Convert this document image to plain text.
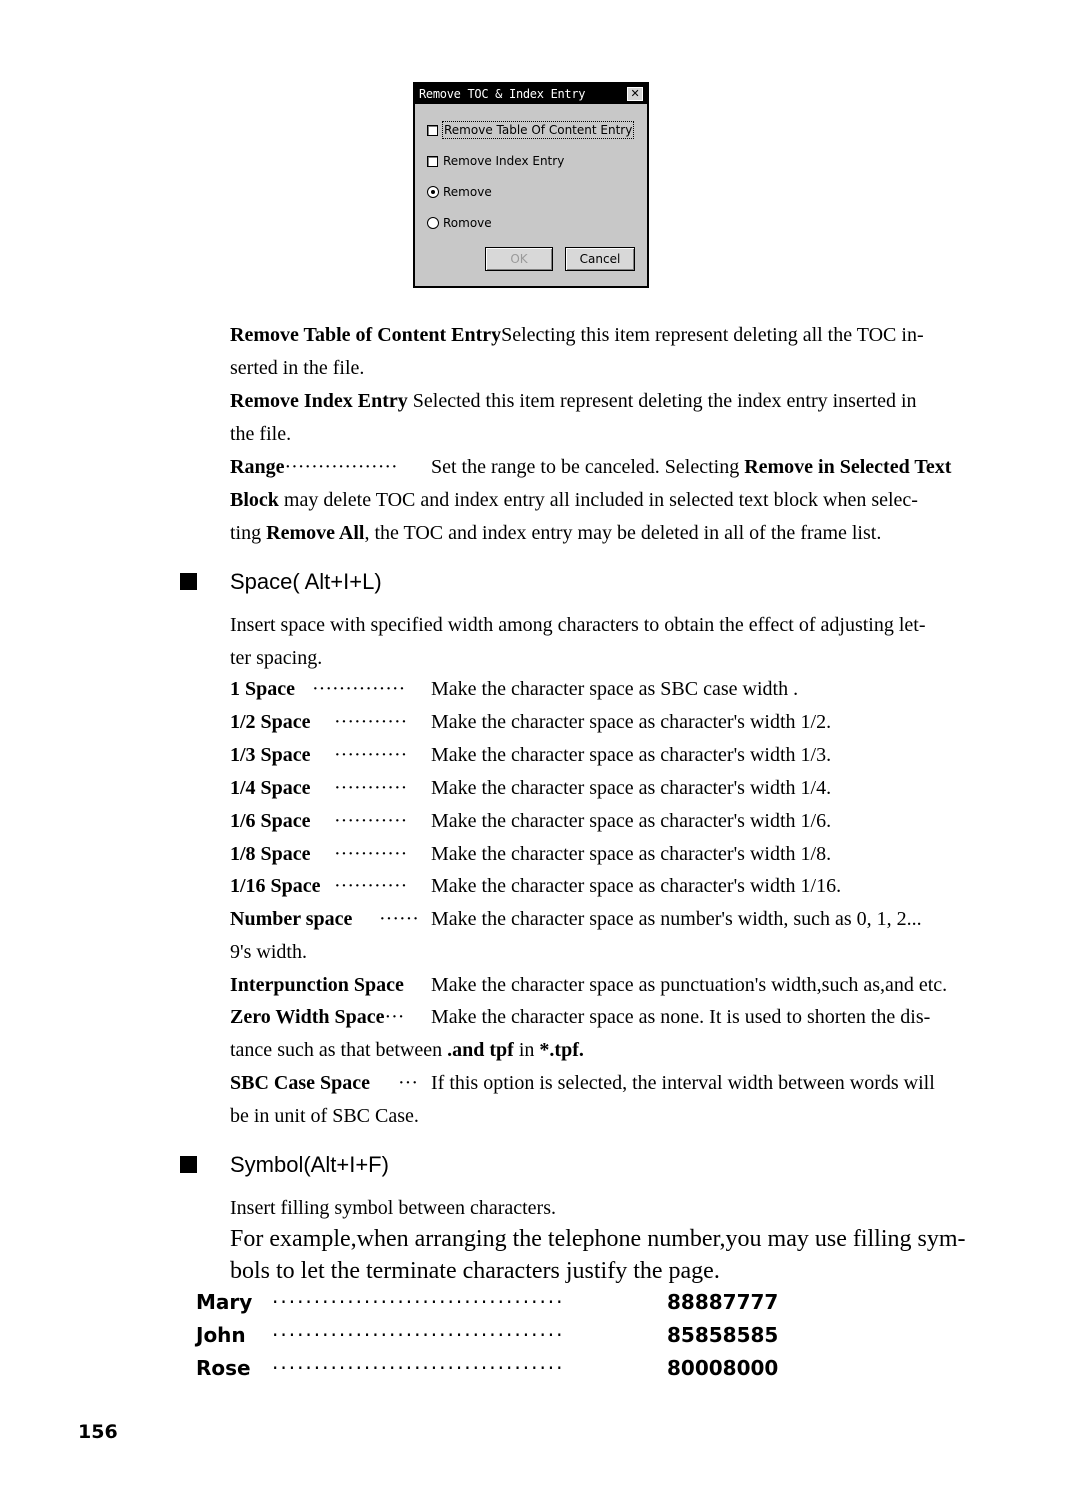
Remove TOC & Index Entry	✕
Remove Table Of Content Entry
Remove Index Entry
Remove
Romove
OK	Cancel
Remove Table of Content EntrySelecting this item represent deleting all the TOC in-
serted in the file.
Remove Index Entry Selected this item represent deleting the index entry inserted in
the file.
Range················· Set the range to be canceled. Selecting Remove in Selected Text
Block may delete TOC and index entry all included in selected text block when selec-
ting Remove All, the TOC and index entry may be deleted in all of the frame list.
Space( Alt+I+L)
Insert space with specified width among characters to obtain the effect of adjusting let-
ter spacing.
1 Space ·············· Make the character space as SBC case width .
1/2 Space ··········· Make the character space as character's width 1/2.
1/3 Space ··········· Make the character space as character's width 1/3.
1/4 Space ··········· Make the character space as character's width 1/4.
1/6 Space ··········· Make the character space as character's width 1/6.
1/8 Space ··········· Make the character space as character's width 1/8.
1/16 Space ··········· Make the character space as character's width 1/16.
Number space ······ Make the character space as number's width, such as 0, 1, 2...
9's width.
Interpunction Space Make the character space as punctuation's width,such as,and etc.
Zero Width Space··· Make the character space as none. It is used to shorten the dis-
tance such as that between .and tpf in *.tpf.
SBC Case Space ··· If this option is selected, the interval width between words will
be in unit of SBC Case.
Symbol(Alt+I+F)
Insert filling symbol between characters.
For example,when arranging the telephone number,you may use filling sym-
bols to let the terminate characters justify the page.
Mary ···································	88887777
John ···································	85858585
Rose ···································	80008000
156
